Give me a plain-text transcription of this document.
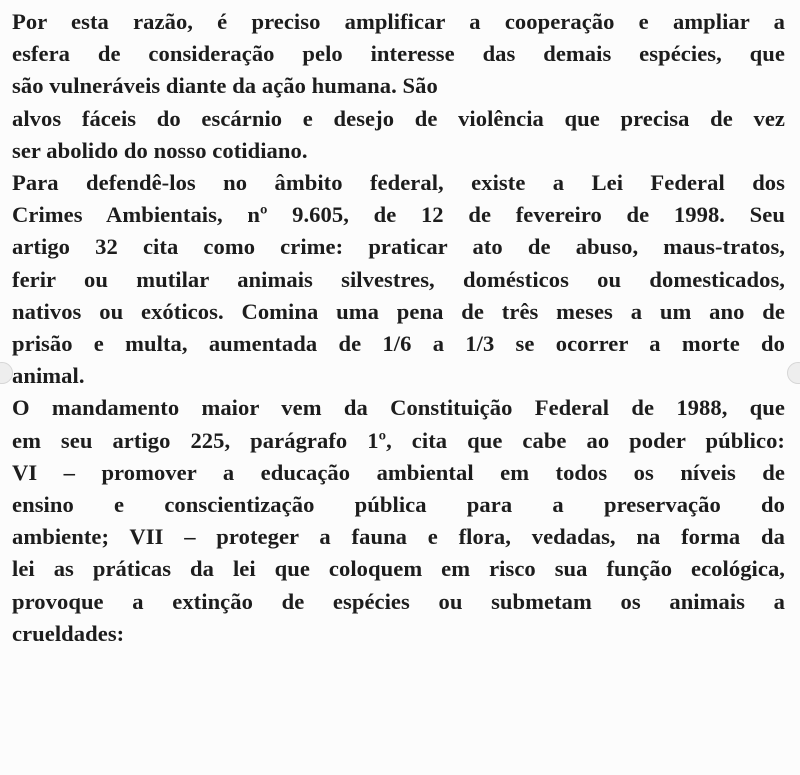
Por esta razão, é preciso amplificar a cooperação e ampliar a
esfera de consideração pelo interesse das demais espécies, que
são vulneráveis diante da ação humana. São
alvos fáceis do escárnio e desejo de violência que precisa de vez
ser abolido do nosso cotidiano.
Para defendê-los no âmbito federal, existe a Lei Federal dos
Crimes Ambientais, nº 9.605, de 12 de fevereiro de 1998. Seu
artigo 32 cita como crime: praticar ato de abuso, maus-tratos,
ferir ou mutilar animais silvestres, domésticos ou domesticados,
nativos ou exóticos. Comina uma pena de três meses a um ano de
prisão e multa, aumentada de 1/6 a 1/3 se ocorrer a morte do
animal.
O mandamento maior vem da Constituição Federal de 1988, que
em seu artigo 225, parágrafo 1º, cita que cabe ao poder público:
VI – promover a educação ambiental em todos os níveis de
ensino e conscientização pública para a preservação do
ambiente; VII – proteger a fauna e flora, vedadas, na forma da
lei as práticas da lei que coloquem em risco sua função ecológica,
provoque a extinção de espécies ou submetam os animais a
crueldades:
